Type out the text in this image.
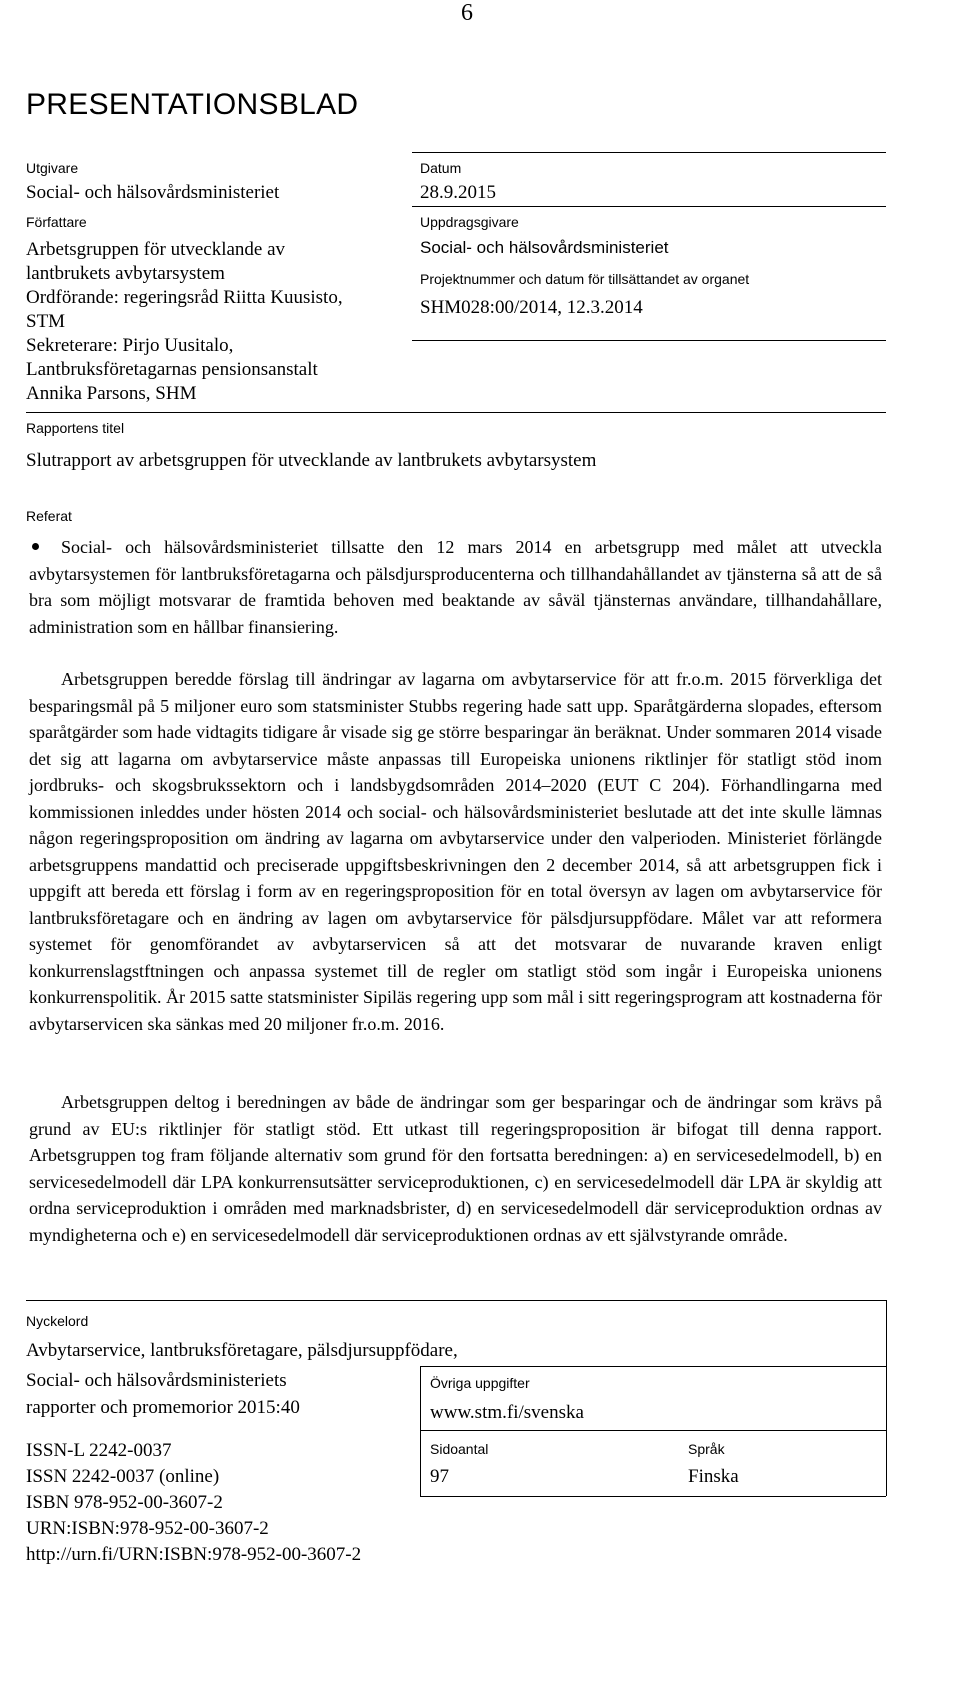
6
PRESENTATIONSBLAD
Utgivare
Social- och hälsovårdsministeriet
Datum
28.9.2015
Författare
Arbetsgruppen för utvecklande av
lantbrukets avbytarsystem
Ordförande: regeringsråd Riitta Kuusisto,
STM
Sekreterare: Pirjo Uusitalo,
Lantbruksföretagarnas pensionsanstalt
Annika Parsons, SHM
Uppdragsgivare
Social- och hälsovårdsministeriet
Projektnummer och datum för tillsättandet av organet
SHM028:00/2014, 12.3.2014
Rapportens titel
Slutrapport av arbetsgruppen för utvecklande av lantbrukets avbytarsystem
Referat

Social- och hälsovårdsministeriet tillsatte den 12 mars 2014 en arbetsgrupp med målet att utveckla avbytarsystemen för lantbruksföretagarna och pälsdjursproducenterna och tillhandahållandet av tjänsterna så att de så bra som möjligt motsvarar de framtida behoven med beaktande av såväl tjänsternas användare, tillhandahållare, administration som en hållbar finansiering.

Arbetsgruppen beredde förslag till ändringar av lagarna om avbytarservice för att fr.o.m. 2015 förverkliga det besparingsmål på 5 miljoner euro som statsminister Stubbs regering hade satt upp. Sparåtgärderna slopades, eftersom sparåtgärder som hade vidtagits tidigare år visade sig ge större besparingar än beräknat. Under sommaren 2014 visade det sig att lagarna om avbytarservice måste anpassas till Europeiska unionens riktlinjer för statligt stöd inom jordbruks- och skogsbrukssektorn och i landsbygdsområden 2014–2020 (EUT C 204). Förhandlingarna med kommissionen inleddes under hösten 2014 och social- och hälsovårdsministeriet beslutade att det inte skulle lämnas någon regeringsproposition om ändring av lagarna om avbytarservice under den valperioden. Ministeriet förlängde arbetsgruppens mandattid och preciserade uppgiftsbeskrivningen den 2 december 2014, så att arbetsgruppen fick i uppgift att bereda ett förslag i form av en regeringsproposition för en total översyn av lagen om avbytarservice för lantbruksföretagare och en ändring av lagen om avbytarservice för pälsdjursuppfödare. Målet var att reformera systemet för genomförandet av avbytarservicen så att det motsvarar de nuvarande kraven enligt konkurrenslagstftningen och anpassa systemet till de regler om statligt stöd som ingår i Europeiska unionens konkurrenspolitik. År 2015 satte statsminister Sipiläs regering upp som mål i sitt regeringsprogram att kostnaderna för avbytarservicen ska sänkas med 20 miljoner fr.o.m. 2016.

Arbetsgruppen deltog i beredningen av både de ändringar som ger besparingar och de ändringar som krävs på grund av EU:s riktlinjer för statligt stöd. Ett utkast till regeringsproposition är bifogat till denna rapport. Arbetsgruppen tog fram följande alternativ som grund för den fortsatta beredningen: a) en servicesedelmodell, b) en servicesedelmodell där LPA konkurrensutsätter serviceproduktionen, c) en servicesedelmodell där LPA är skyldig att ordna serviceproduktion i områden med marknadsbrister, d) en servicesedelmodell där serviceproduktion ordnas av myndigheterna och e) en servicesedelmodell där serviceproduktionen ordnas av ett självstyrande område.

Nyckelord
Avbytarservice, lantbruksföretagare, pälsdjursuppfödare,
Social- och hälsovårdsministeriets
rapporter och promemorior 2015:40
ISSN-L 2242-0037
ISSN 2242-0037 (online)
ISBN 978-952-00-3607-2
URN:ISBN:978-952-00-3607-2
http://urn.fi/URN:ISBN:978-952-00-3607-2
Övriga uppgifter
www.stm.fi/svenska
Sidoantal
97
Språk
Finska
